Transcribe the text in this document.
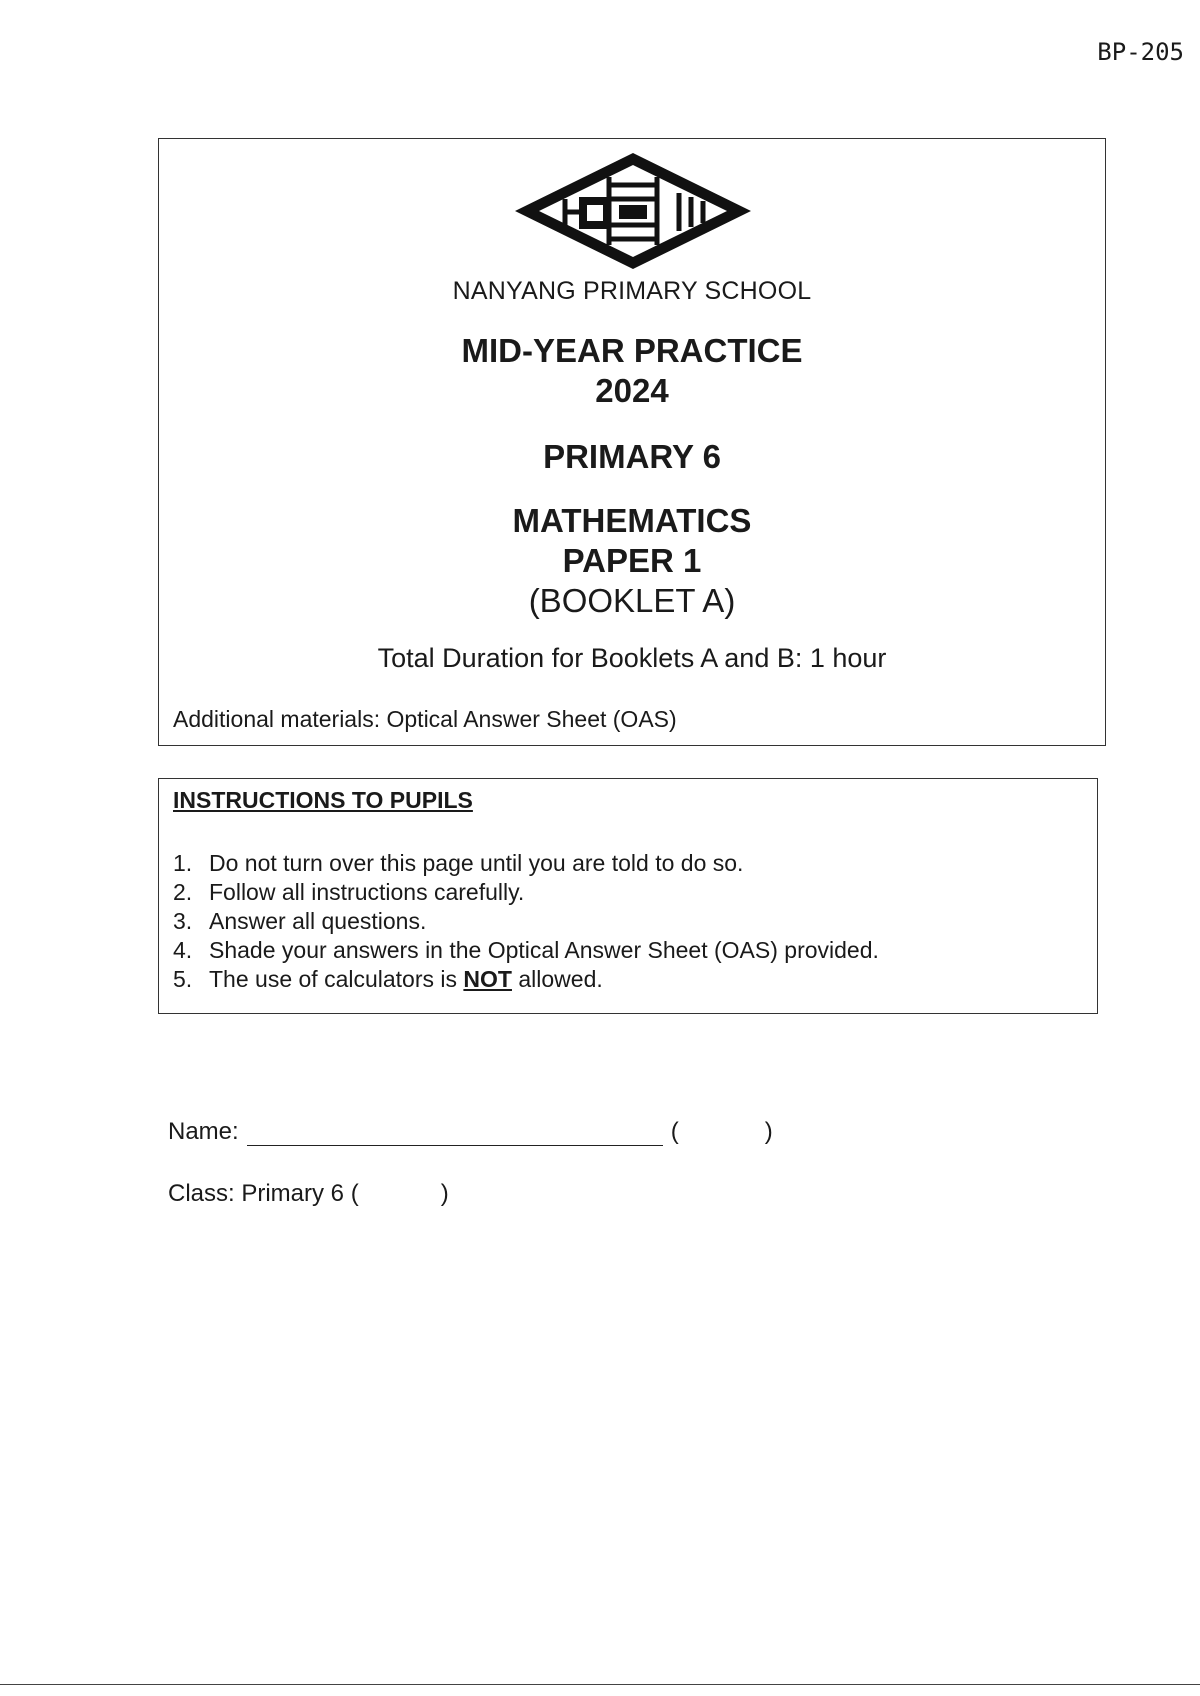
BP-205
NANYANG PRIMARY SCHOOL
MID-YEAR PRACTICE
2024
PRIMARY 6
MATHEMATICS
PAPER 1
(BOOKLET A)
Total Duration for Booklets A and B: 1 hour
Additional materials: Optical Answer Sheet (OAS)
INSTRUCTIONS TO PUPILS
1. Do not turn over this page until you are told to do so.
2. Follow all instructions carefully.
3. Answer all questions.
4. Shade your answers in the Optical Answer Sheet (OAS) provided.
5. The use of calculators is NOT allowed.
Name:	(	)
Class: Primary 6 (	)
